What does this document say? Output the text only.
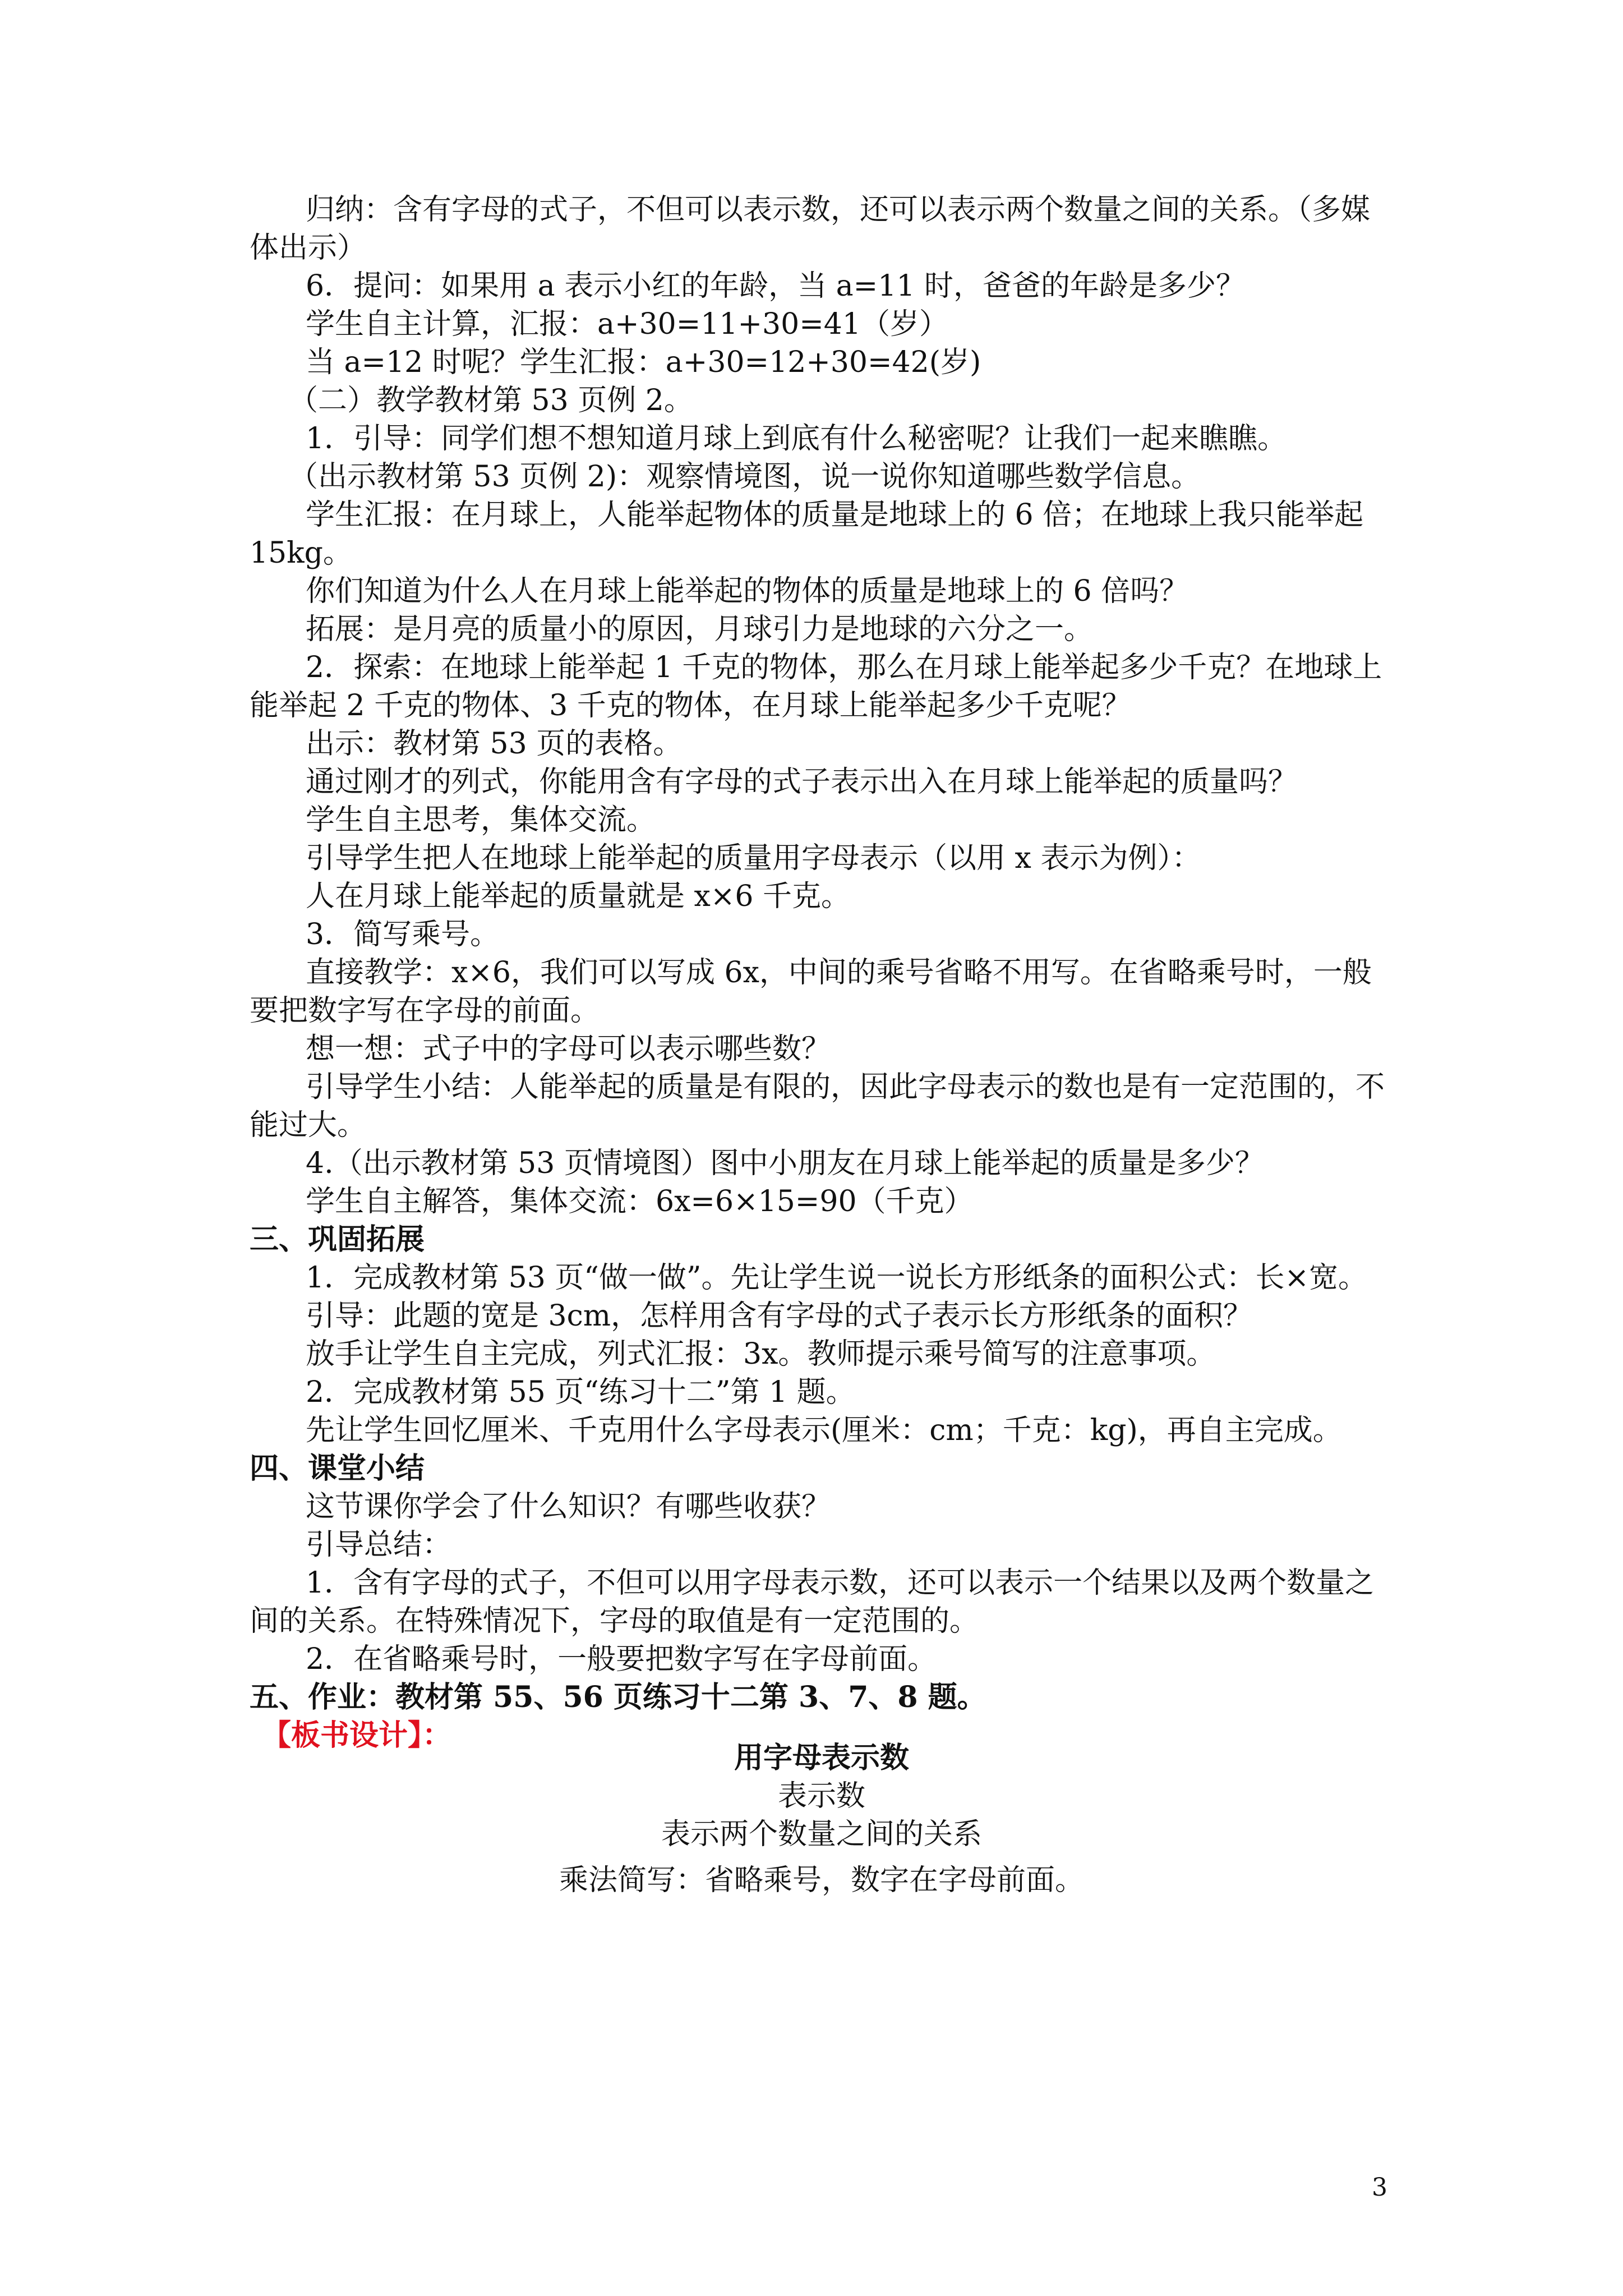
归纳：含有字母的式子，不但可以表示数，还可以表示两个数量之间的关系。（多媒体出示）

6．提问：如果用 a 表示小红的年龄，当 a=11 时，爸爸的年龄是多少？

学生自主计算，汇报：a+30=11+30=41（岁）

当 a=12 时呢？学生汇报：a+30=12+30=42(岁)

（二）教学教材第 53 页例 2。

1．引导：同学们想不想知道月球上到底有什么秘密呢？让我们一起来瞧瞧。

（出示教材第 53 页例 2)：观察情境图，说一说你知道哪些数学信息。

学生汇报：在月球上，人能举起物体的质量是地球上的 6 倍；在地球上我只能举起 15kg。

你们知道为什么人在月球上能举起的物体的质量是地球上的 6 倍吗？

拓展：是月亮的质量小的原因，月球引力是地球的六分之一。

2．探索：在地球上能举起 1 千克的物体，那么在月球上能举起多少千克？在地球上能举起 2 千克的物体、3 千克的物体，在月球上能举起多少千克呢？

出示：教材第 53 页的表格。

通过刚才的列式，你能用含有字母的式子表示出入在月球上能举起的质量吗？

学生自主思考，集体交流。

引导学生把人在地球上能举起的质量用字母表示（以用 x 表示为例）：

人在月球上能举起的质量就是 x×6 千克。

3．简写乘号。

直接教学：x×6，我们可以写成 6x，中间的乘号省略不用写。在省略乘号时，一般要把数字写在字母的前面。

想一想：式子中的字母可以表示哪些数？

引导学生小结：人能举起的质量是有限的，因此字母表示的数也是有一定范围的，不能过大。

4.（出示教材第 53 页情境图）图中小朋友在月球上能举起的质量是多少？

学生自主解答，集体交流：6x=6×15=90（千克）

三、巩固拓展

1．完成教材第 53 页“做一做”。先让学生说一说长方形纸条的面积公式：长×宽。

引导：此题的宽是 3cm，怎样用含有字母的式子表示长方形纸条的面积？

放手让学生自主完成，列式汇报：3x。教师提示乘号简写的注意事项。

2．完成教材第 55 页“练习十二”第 1 题。

先让学生回忆厘米、千克用什么字母表示(厘米：cm；千克：kg)，再自主完成。

四、课堂小结

这节课你学会了什么知识？有哪些收获？

引导总结：

1．含有字母的式子，不但可以用字母表示数，还可以表示一个结果以及两个数量之间的关系。在特殊情况下，字母的取值是有一定范围的。

2．在省略乘号时，一般要把数字写在字母前面。

五、作业：教材第 55、56 页练习十二第 3、7、8 题。

【板书设计】：

用字母表示数
表示数
表示两个数量之间的关系
乘法简写：省略乘号，数字在字母前面。
3
